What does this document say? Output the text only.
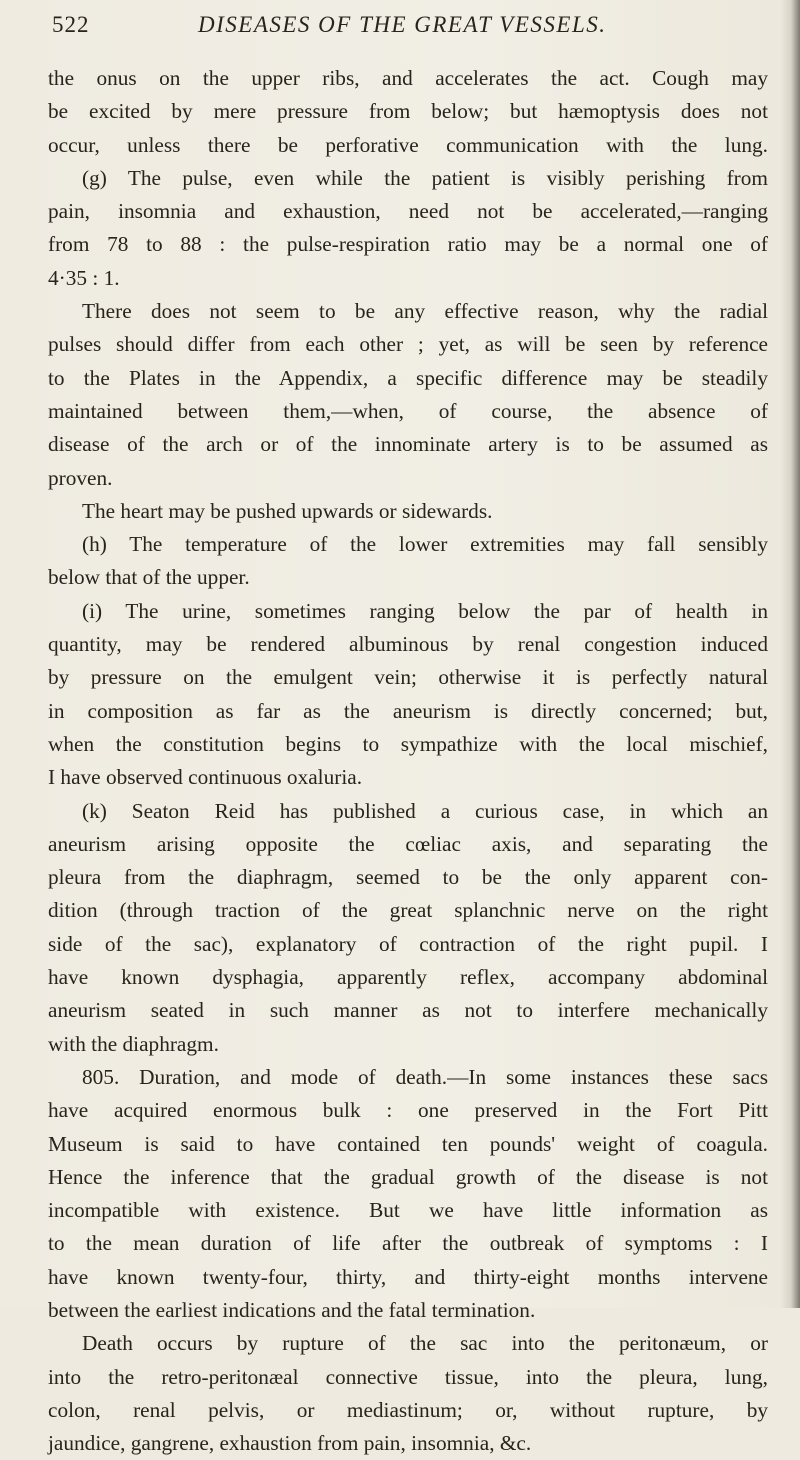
522	DISEASES OF THE GREAT VESSELS.

the onus on the upper ribs, and accelerates the act. Cough may

be excited by mere pressure from below; but hæmoptysis does not

occur, unless there be perforative communication with the lung.

(g) The pulse, even while the patient is visibly perishing from

pain, insomnia and exhaustion, need not be accelerated,—ranging

from 78 to 88 : the pulse-respiration ratio may be a normal one of

4·35 : 1.

There does not seem to be any effective reason, why the radial

pulses should differ from each other ; yet, as will be seen by reference

to the Plates in the Appendix, a specific difference may be steadily

maintained between them,—when, of course, the absence of

disease of the arch or of the innominate artery is to be assumed as

proven.

The heart may be pushed upwards or sidewards.

(h) The temperature of the lower extremities may fall sensibly

below that of the upper.

(i) The urine, sometimes ranging below the par of health in

quantity, may be rendered albuminous by renal congestion induced

by pressure on the emulgent vein; otherwise it is perfectly natural

in composition as far as the aneurism is directly concerned; but,

when the constitution begins to sympathize with the local mischief,

I have observed continuous oxaluria.

(k) Seaton Reid has published a curious case, in which an

aneurism arising opposite the cœliac axis, and separating the

pleura from the diaphragm, seemed to be the only apparent con-

dition (through traction of the great splanchnic nerve on the right

side of the sac), explanatory of contraction of the right pupil. I

have known dysphagia, apparently reflex, accompany abdominal

aneurism seated in such manner as not to interfere mechanically

with the diaphragm.

805. Duration, and mode of death.—In some instances these sacs

have acquired enormous bulk : one preserved in the Fort Pitt

Museum is said to have contained ten pounds' weight of coagula.

Hence the inference that the gradual growth of the disease is not

incompatible with existence. But we have little information as

to the mean duration of life after the outbreak of symptoms : I

have known twenty-four, thirty, and thirty-eight months intervene

between the earliest indications and the fatal termination.

Death occurs by rupture of the sac into the peritonæum, or

into the retro-peritonæal connective tissue, into the pleura, lung,

colon, renal pelvis, or mediastinum; or, without rupture, by

jaundice, gangrene, exhaustion from pain, insomnia, &c.
